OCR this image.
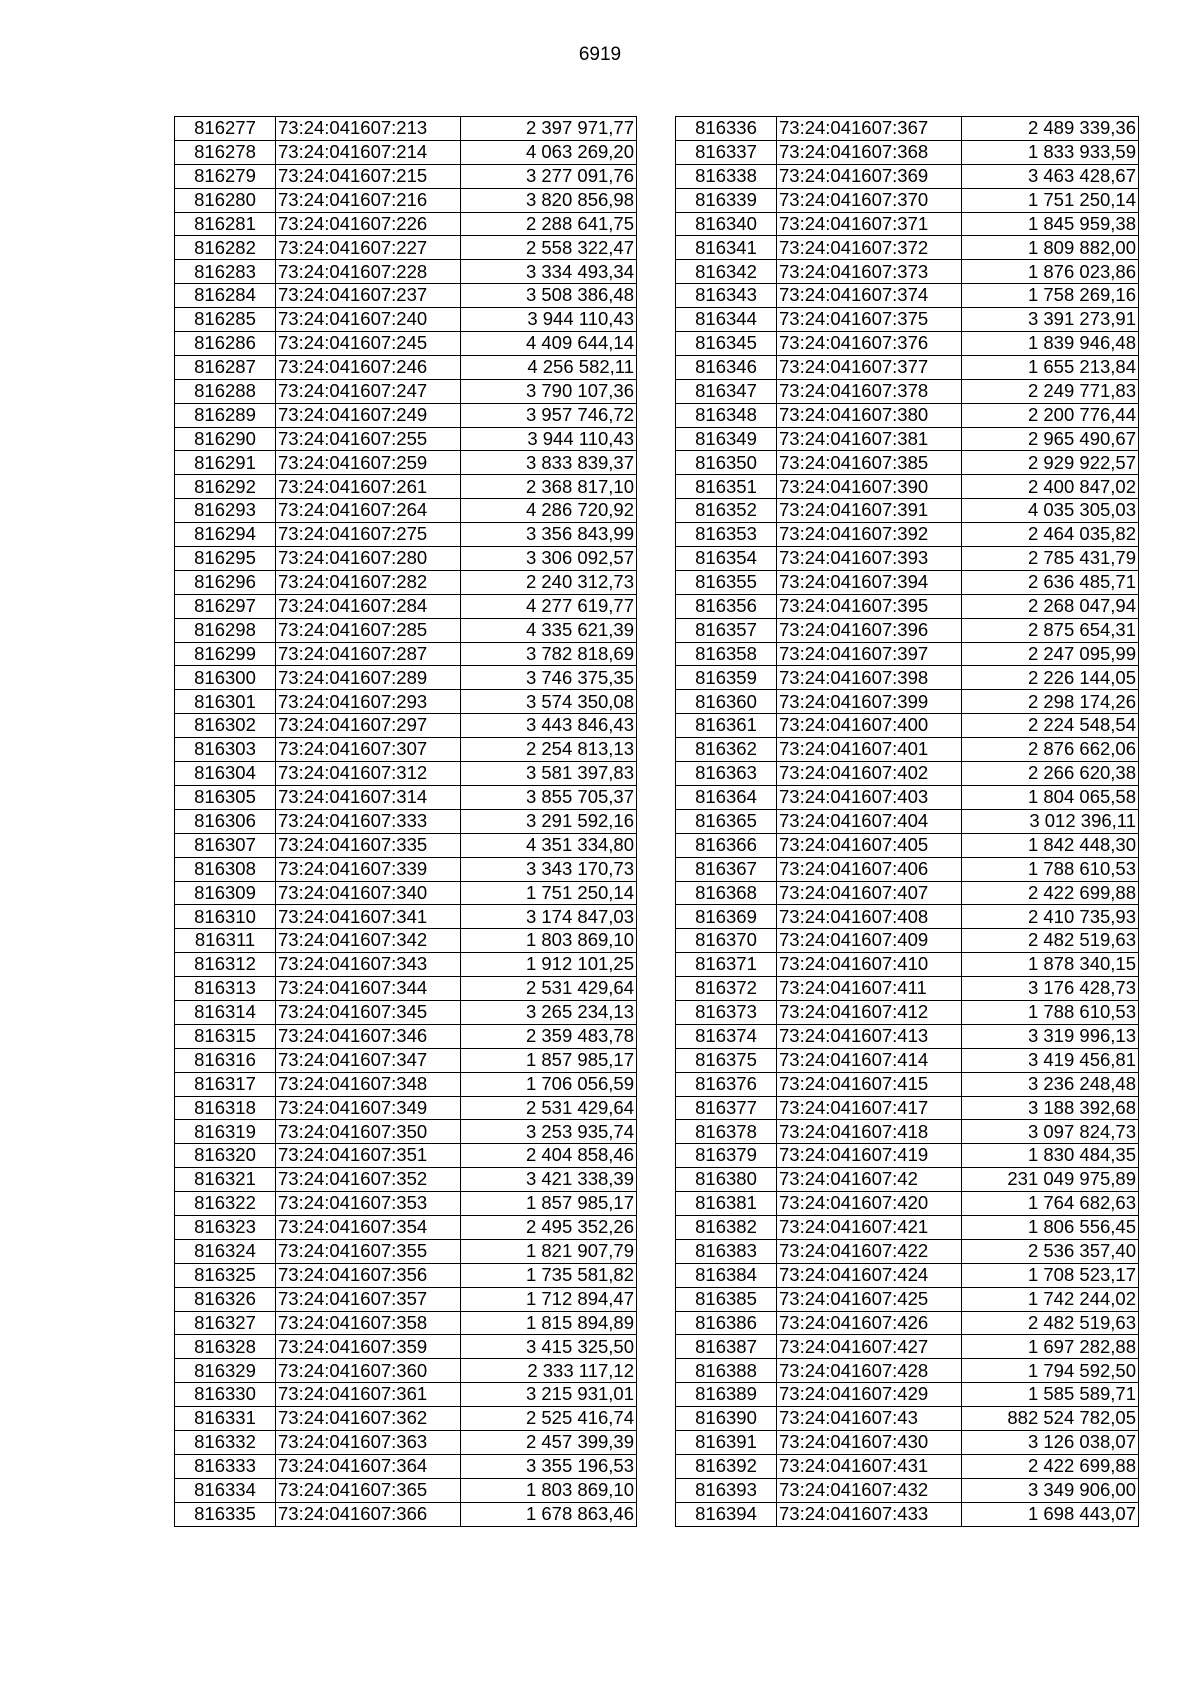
6919
816277	73:24:041607:213	2 397 971,77
816278	73:24:041607:214	4 063 269,20
816279	73:24:041607:215	3 277 091,76
816280	73:24:041607:216	3 820 856,98
816281	73:24:041607:226	2 288 641,75
816282	73:24:041607:227	2 558 322,47
816283	73:24:041607:228	3 334 493,34
816284	73:24:041607:237	3 508 386,48
816285	73:24:041607:240	3 944 110,43
816286	73:24:041607:245	4 409 644,14
816287	73:24:041607:246	4 256 582,11
816288	73:24:041607:247	3 790 107,36
816289	73:24:041607:249	3 957 746,72
816290	73:24:041607:255	3 944 110,43
816291	73:24:041607:259	3 833 839,37
816292	73:24:041607:261	2 368 817,10
816293	73:24:041607:264	4 286 720,92
816294	73:24:041607:275	3 356 843,99
816295	73:24:041607:280	3 306 092,57
816296	73:24:041607:282	2 240 312,73
816297	73:24:041607:284	4 277 619,77
816298	73:24:041607:285	4 335 621,39
816299	73:24:041607:287	3 782 818,69
816300	73:24:041607:289	3 746 375,35
816301	73:24:041607:293	3 574 350,08
816302	73:24:041607:297	3 443 846,43
816303	73:24:041607:307	2 254 813,13
816304	73:24:041607:312	3 581 397,83
816305	73:24:041607:314	3 855 705,37
816306	73:24:041607:333	3 291 592,16
816307	73:24:041607:335	4 351 334,80
816308	73:24:041607:339	3 343 170,73
816309	73:24:041607:340	1 751 250,14
816310	73:24:041607:341	3 174 847,03
816311	73:24:041607:342	1 803 869,10
816312	73:24:041607:343	1 912 101,25
816313	73:24:041607:344	2 531 429,64
816314	73:24:041607:345	3 265 234,13
816315	73:24:041607:346	2 359 483,78
816316	73:24:041607:347	1 857 985,17
816317	73:24:041607:348	1 706 056,59
816318	73:24:041607:349	2 531 429,64
816319	73:24:041607:350	3 253 935,74
816320	73:24:041607:351	2 404 858,46
816321	73:24:041607:352	3 421 338,39
816322	73:24:041607:353	1 857 985,17
816323	73:24:041607:354	2 495 352,26
816324	73:24:041607:355	1 821 907,79
816325	73:24:041607:356	1 735 581,82
816326	73:24:041607:357	1 712 894,47
816327	73:24:041607:358	1 815 894,89
816328	73:24:041607:359	3 415 325,50
816329	73:24:041607:360	2 333 117,12
816330	73:24:041607:361	3 215 931,01
816331	73:24:041607:362	2 525 416,74
816332	73:24:041607:363	2 457 399,39
816333	73:24:041607:364	3 355 196,53
816334	73:24:041607:365	1 803 869,10
816335	73:24:041607:366	1 678 863,46
816336	73:24:041607:367	2 489 339,36
816337	73:24:041607:368	1 833 933,59
816338	73:24:041607:369	3 463 428,67
816339	73:24:041607:370	1 751 250,14
816340	73:24:041607:371	1 845 959,38
816341	73:24:041607:372	1 809 882,00
816342	73:24:041607:373	1 876 023,86
816343	73:24:041607:374	1 758 269,16
816344	73:24:041607:375	3 391 273,91
816345	73:24:041607:376	1 839 946,48
816346	73:24:041607:377	1 655 213,84
816347	73:24:041607:378	2 249 771,83
816348	73:24:041607:380	2 200 776,44
816349	73:24:041607:381	2 965 490,67
816350	73:24:041607:385	2 929 922,57
816351	73:24:041607:390	2 400 847,02
816352	73:24:041607:391	4 035 305,03
816353	73:24:041607:392	2 464 035,82
816354	73:24:041607:393	2 785 431,79
816355	73:24:041607:394	2 636 485,71
816356	73:24:041607:395	2 268 047,94
816357	73:24:041607:396	2 875 654,31
816358	73:24:041607:397	2 247 095,99
816359	73:24:041607:398	2 226 144,05
816360	73:24:041607:399	2 298 174,26
816361	73:24:041607:400	2 224 548,54
816362	73:24:041607:401	2 876 662,06
816363	73:24:041607:402	2 266 620,38
816364	73:24:041607:403	1 804 065,58
816365	73:24:041607:404	3 012 396,11
816366	73:24:041607:405	1 842 448,30
816367	73:24:041607:406	1 788 610,53
816368	73:24:041607:407	2 422 699,88
816369	73:24:041607:408	2 410 735,93
816370	73:24:041607:409	2 482 519,63
816371	73:24:041607:410	1 878 340,15
816372	73:24:041607:411	3 176 428,73
816373	73:24:041607:412	1 788 610,53
816374	73:24:041607:413	3 319 996,13
816375	73:24:041607:414	3 419 456,81
816376	73:24:041607:415	3 236 248,48
816377	73:24:041607:417	3 188 392,68
816378	73:24:041607:418	3 097 824,73
816379	73:24:041607:419	1 830 484,35
816380	73:24:041607:42	231 049 975,89
816381	73:24:041607:420	1 764 682,63
816382	73:24:041607:421	1 806 556,45
816383	73:24:041607:422	2 536 357,40
816384	73:24:041607:424	1 708 523,17
816385	73:24:041607:425	1 742 244,02
816386	73:24:041607:426	2 482 519,63
816387	73:24:041607:427	1 697 282,88
816388	73:24:041607:428	1 794 592,50
816389	73:24:041607:429	1 585 589,71
816390	73:24:041607:43	882 524 782,05
816391	73:24:041607:430	3 126 038,07
816392	73:24:041607:431	2 422 699,88
816393	73:24:041607:432	3 349 906,00
816394	73:24:041607:433	1 698 443,07
